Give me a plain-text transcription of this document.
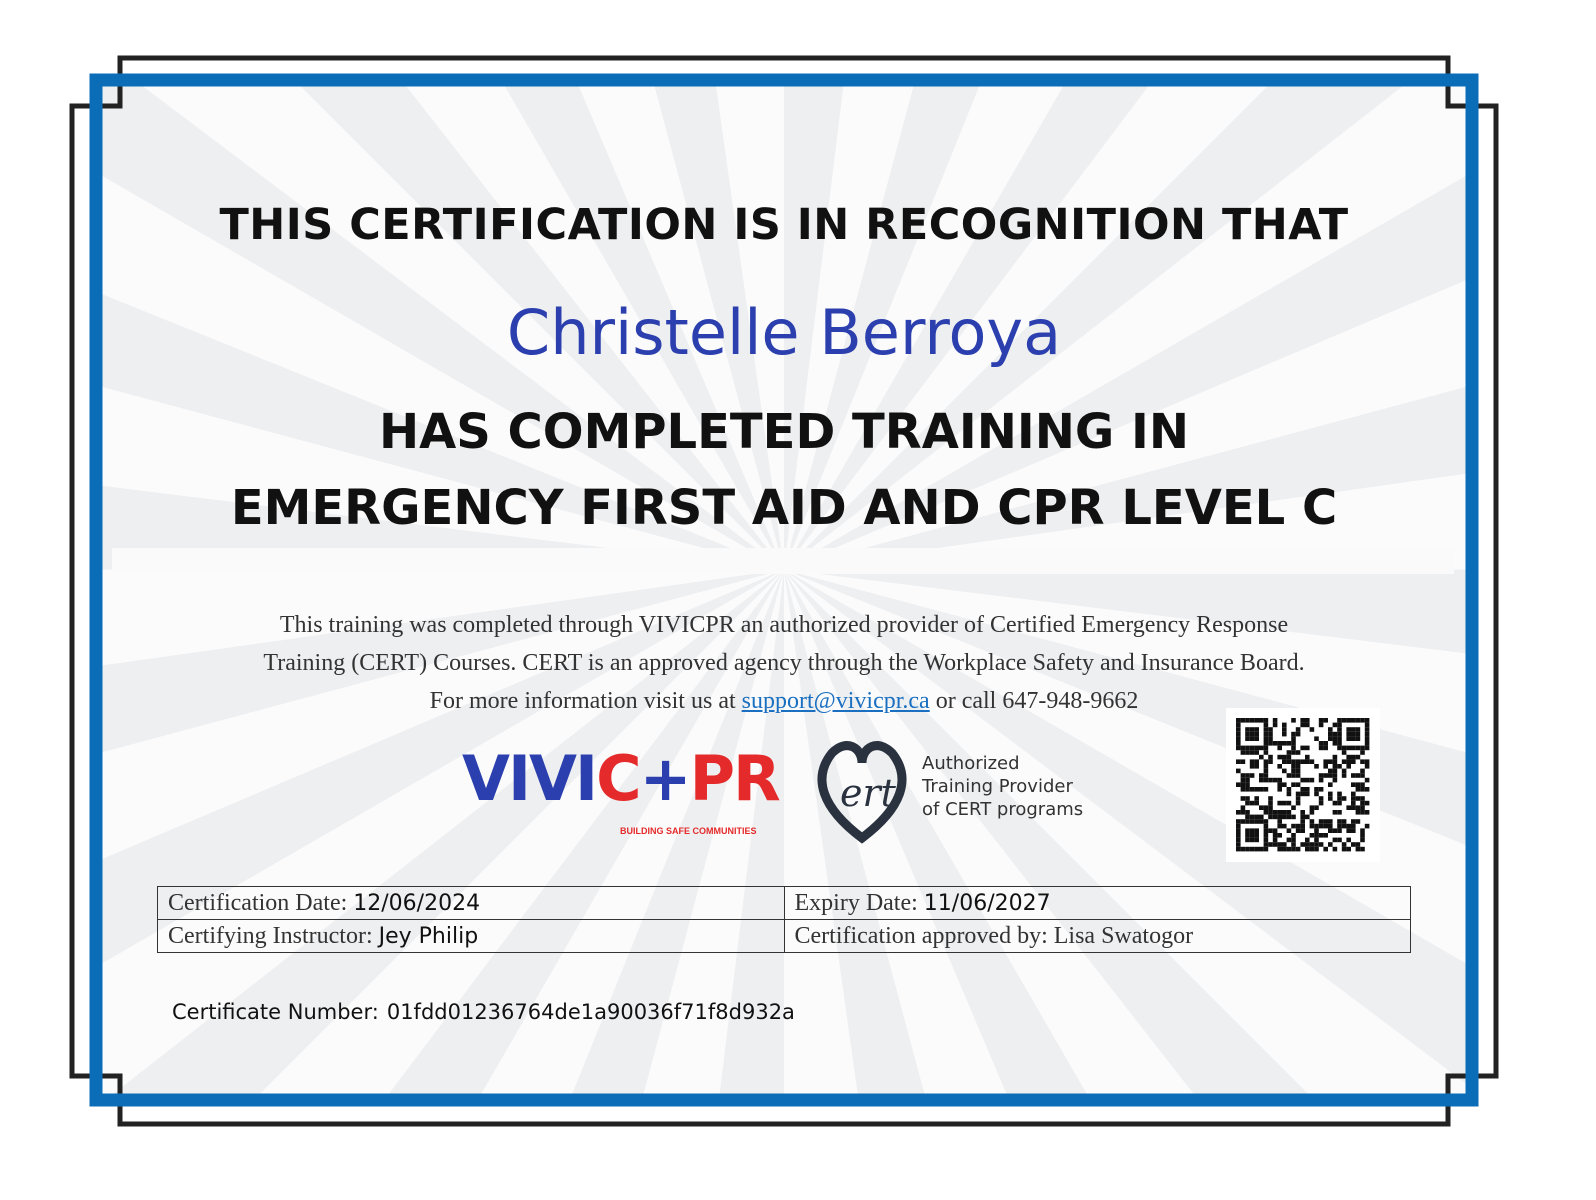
THIS CERTIFICATION IS IN RECOGNITION THAT
Christelle Berroya
HAS COMPLETED TRAINING IN
EMERGENCY FIRST AID AND CPR LEVEL C
This training was completed through VIVICPR an authorized provider of Certified Emergency Response
Training (CERT) Courses. CERT is an approved agency through the Workplace Safety and Insurance Board.
For more information visit us at support@vivicpr.ca or call 647-948-9662
VIVIC+PR
BUILDING SAFE COMMUNITIES
ert
Authorized
Training Provider
of CERT programs
Certification Date: 12/06/2024	Expiry Date: 11/06/2027
Certifying Instructor: Jey Philip	Certification approved by: Lisa Swatogor
Certificate Number: 01fdd01236764de1a90036f71f8d932a
